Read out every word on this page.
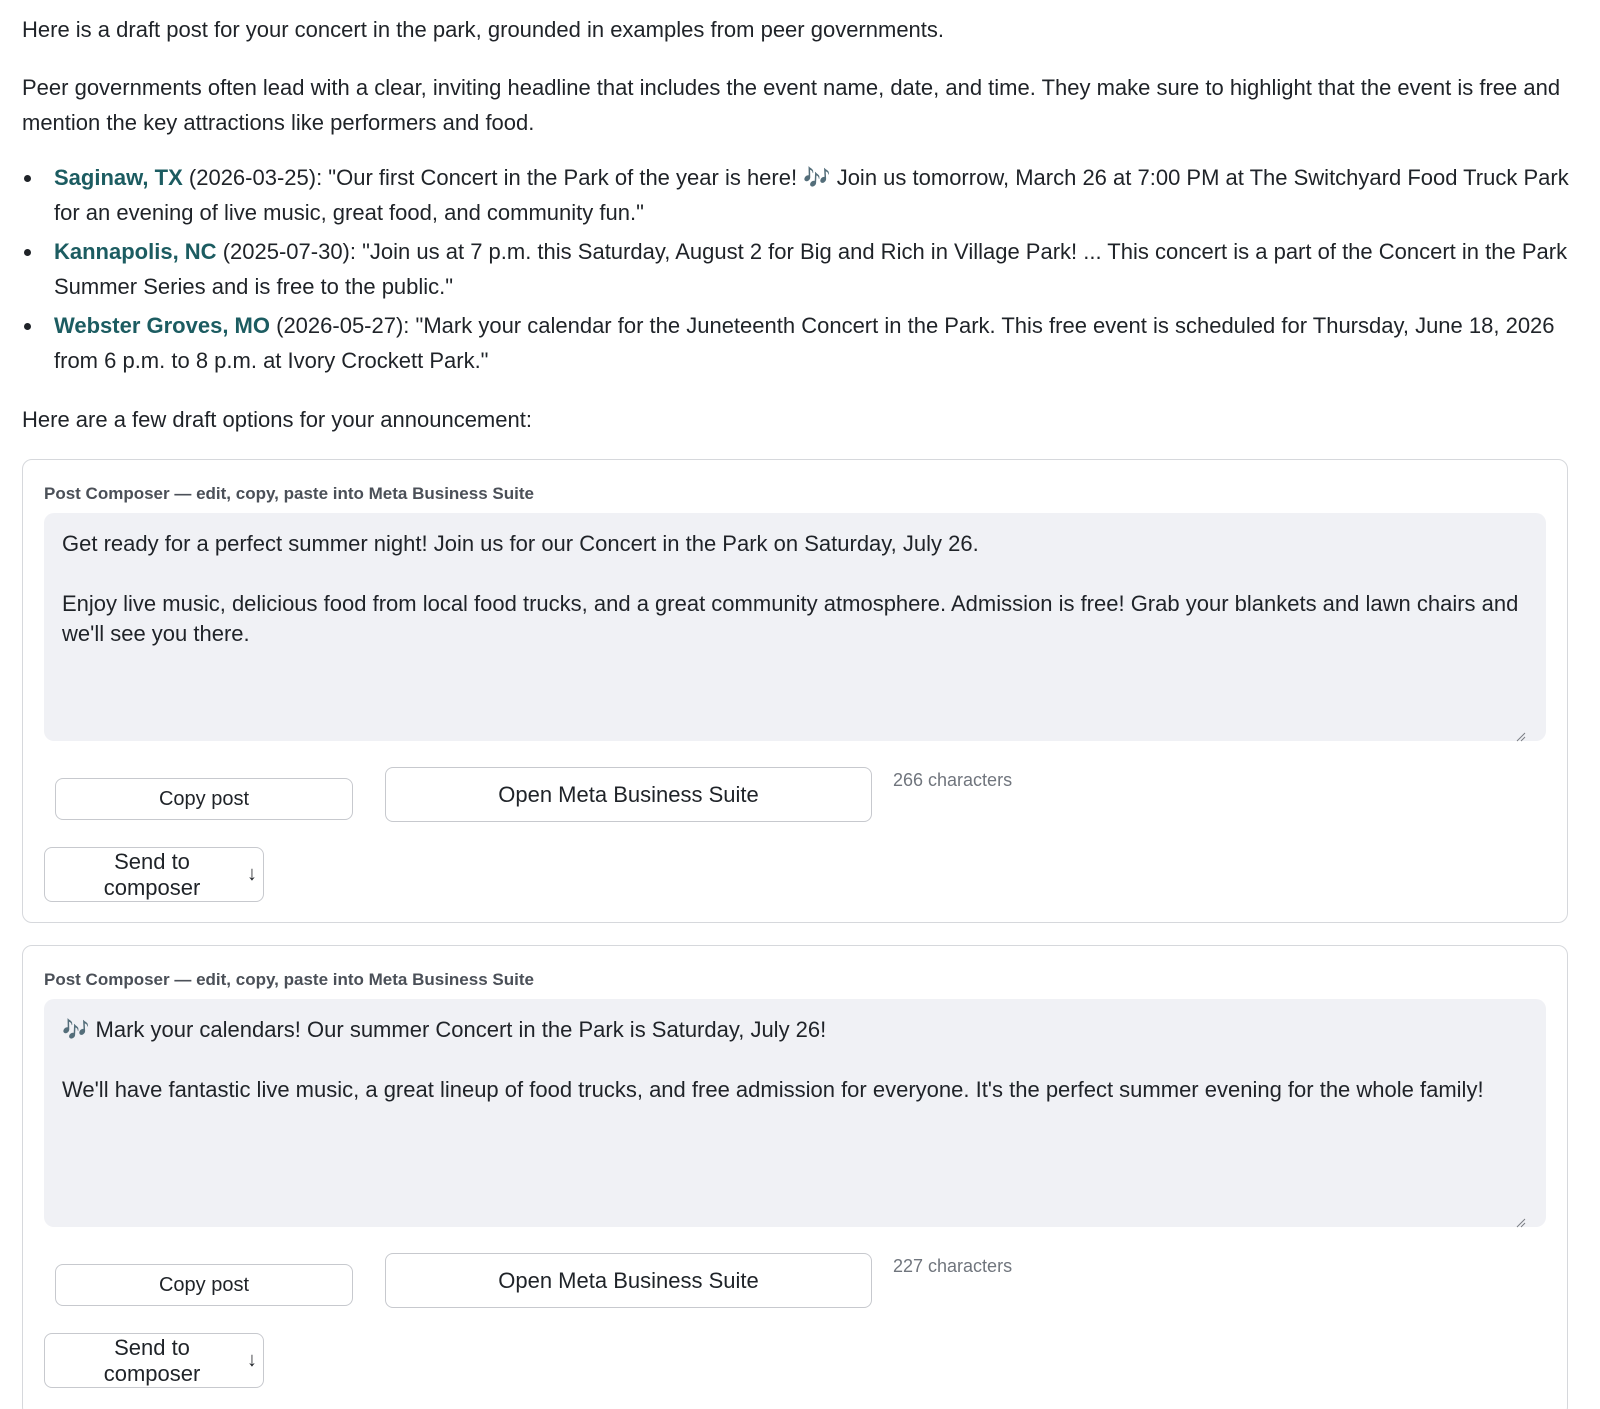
Here is a draft post for your concert in the park, grounded in examples from peer governments.

Peer governments often lead with a clear, inviting headline that includes the event name, date, and time. They make sure to highlight that the event is free and mention the key attractions like performers and food.

Saginaw, TX (2026-03-25): "Our first Concert in the Park of the year is here! 🎶 Join us tomorrow, March 26 at 7:00 PM at The Switchyard Food Truck Park for an evening of live music, great food, and community fun."
Kannapolis, NC (2025-07-30): "Join us at 7 p.m. this Saturday, August 2 for Big and Rich in Village Park! ... This concert is a part of the Concert in the Park Summer Series and is free to the public."
Webster Groves, MO (2026-05-27): "Mark your calendar for the Juneteenth Concert in the Park. This free event is scheduled for Thursday, June 18, 2026 from 6 p.m. to 8 p.m. at Ivory Crockett Park."

Here are a few draft options for your announcement:

Post Composer — edit, copy, paste into Meta Business Suite
Get ready for a perfect summer night! Join us for our Concert in the Park on Saturday, July 26.

Enjoy live music, delicious food from local food trucks, and a great community atmosphere. Admission is free! Grab your blankets and lawn chairs and we'll see you there.
Copy post	Open Meta Business Suite
266 characters
Send to composer
↓
Post Composer — edit, copy, paste into Meta Business Suite
🎶 Mark your calendars! Our summer Concert in the Park is Saturday, July 26!

We'll have fantastic live music, a great lineup of food trucks, and free admission for everyone. It's the perfect summer evening for the whole family!
Copy post	Open Meta Business Suite
227 characters
Send to composer
↓
